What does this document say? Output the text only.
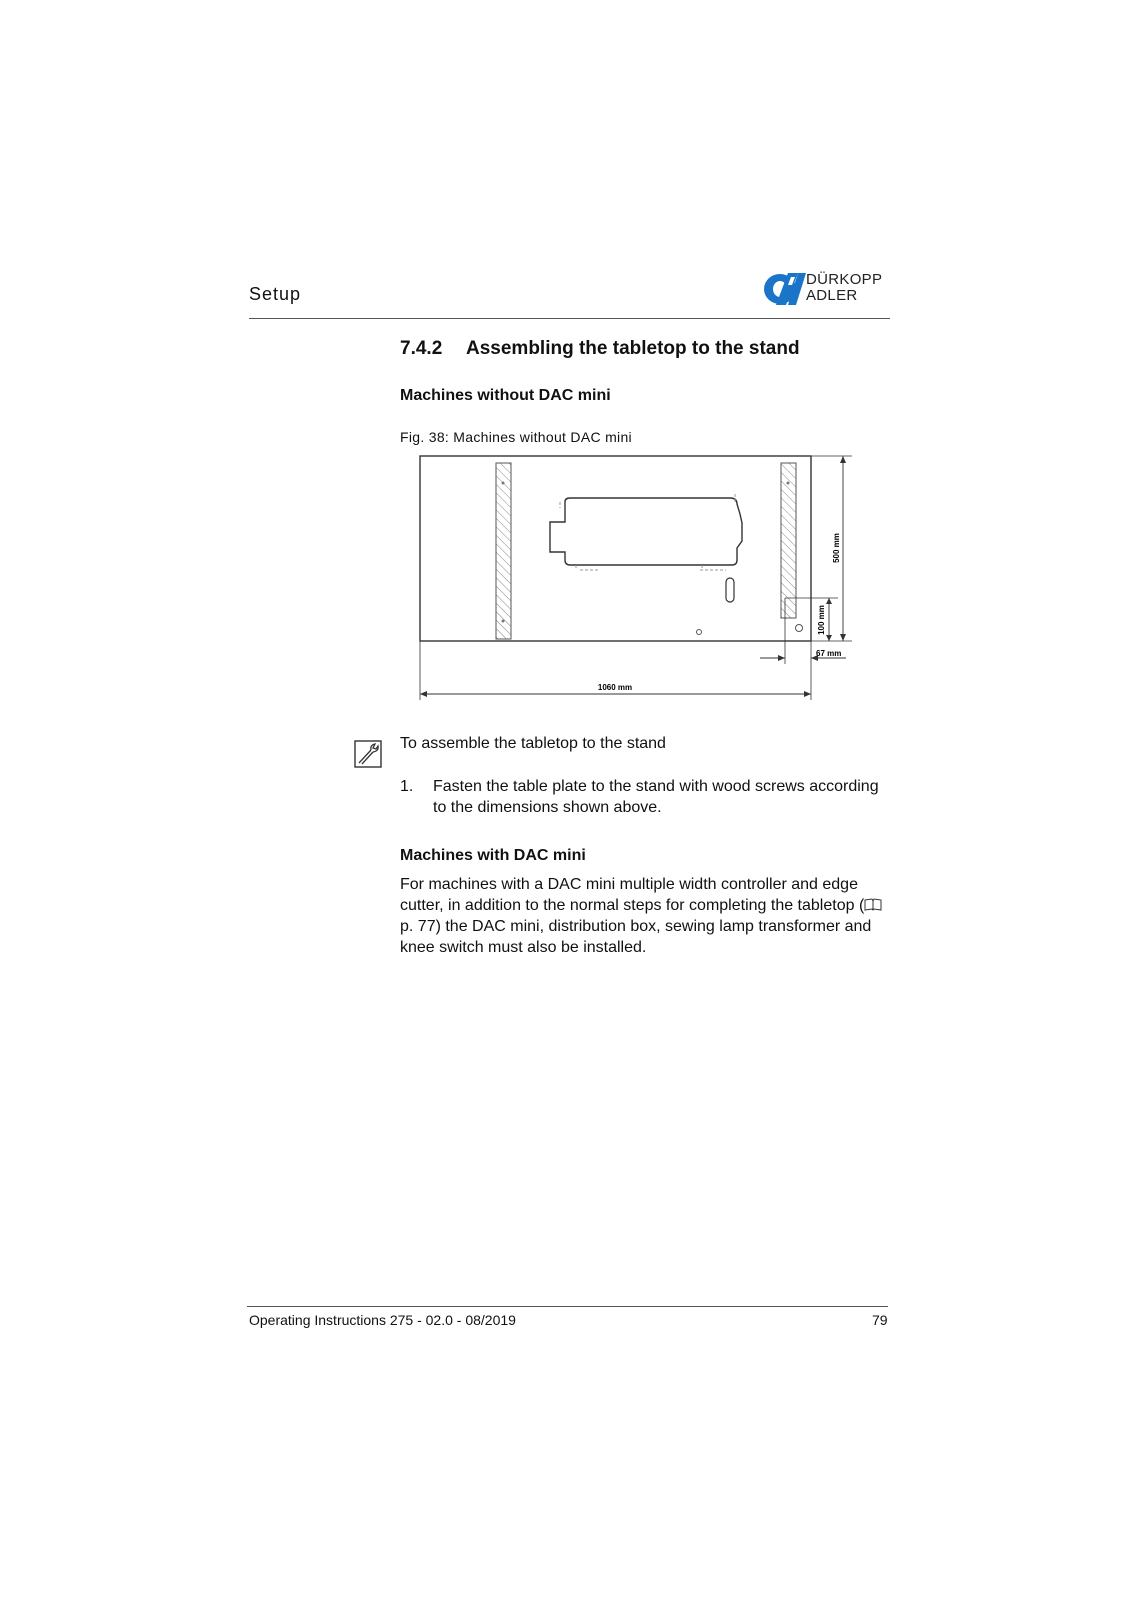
Setup
DÜRKOPP
ADLER
7.4.2 Assembling the tabletop to the stand
Machines without DAC mini
Fig. 38: Machines without DAC mini
500 mm
100 mm
67 mm
1060 mm
To assemble the tabletop to the stand
1. Fasten the table plate to the stand with wood screws according to the dimensions shown above.
Machines with DAC mini
For machines with a DAC mini multiple width controller and edge cutter, in addition to the normal steps for completing the tabletop ( p. 77) the DAC mini, distribution box, sewing lamp transformer and knee switch must also be installed.
Operating Instructions 275 - 02.0 - 08/2019	79
